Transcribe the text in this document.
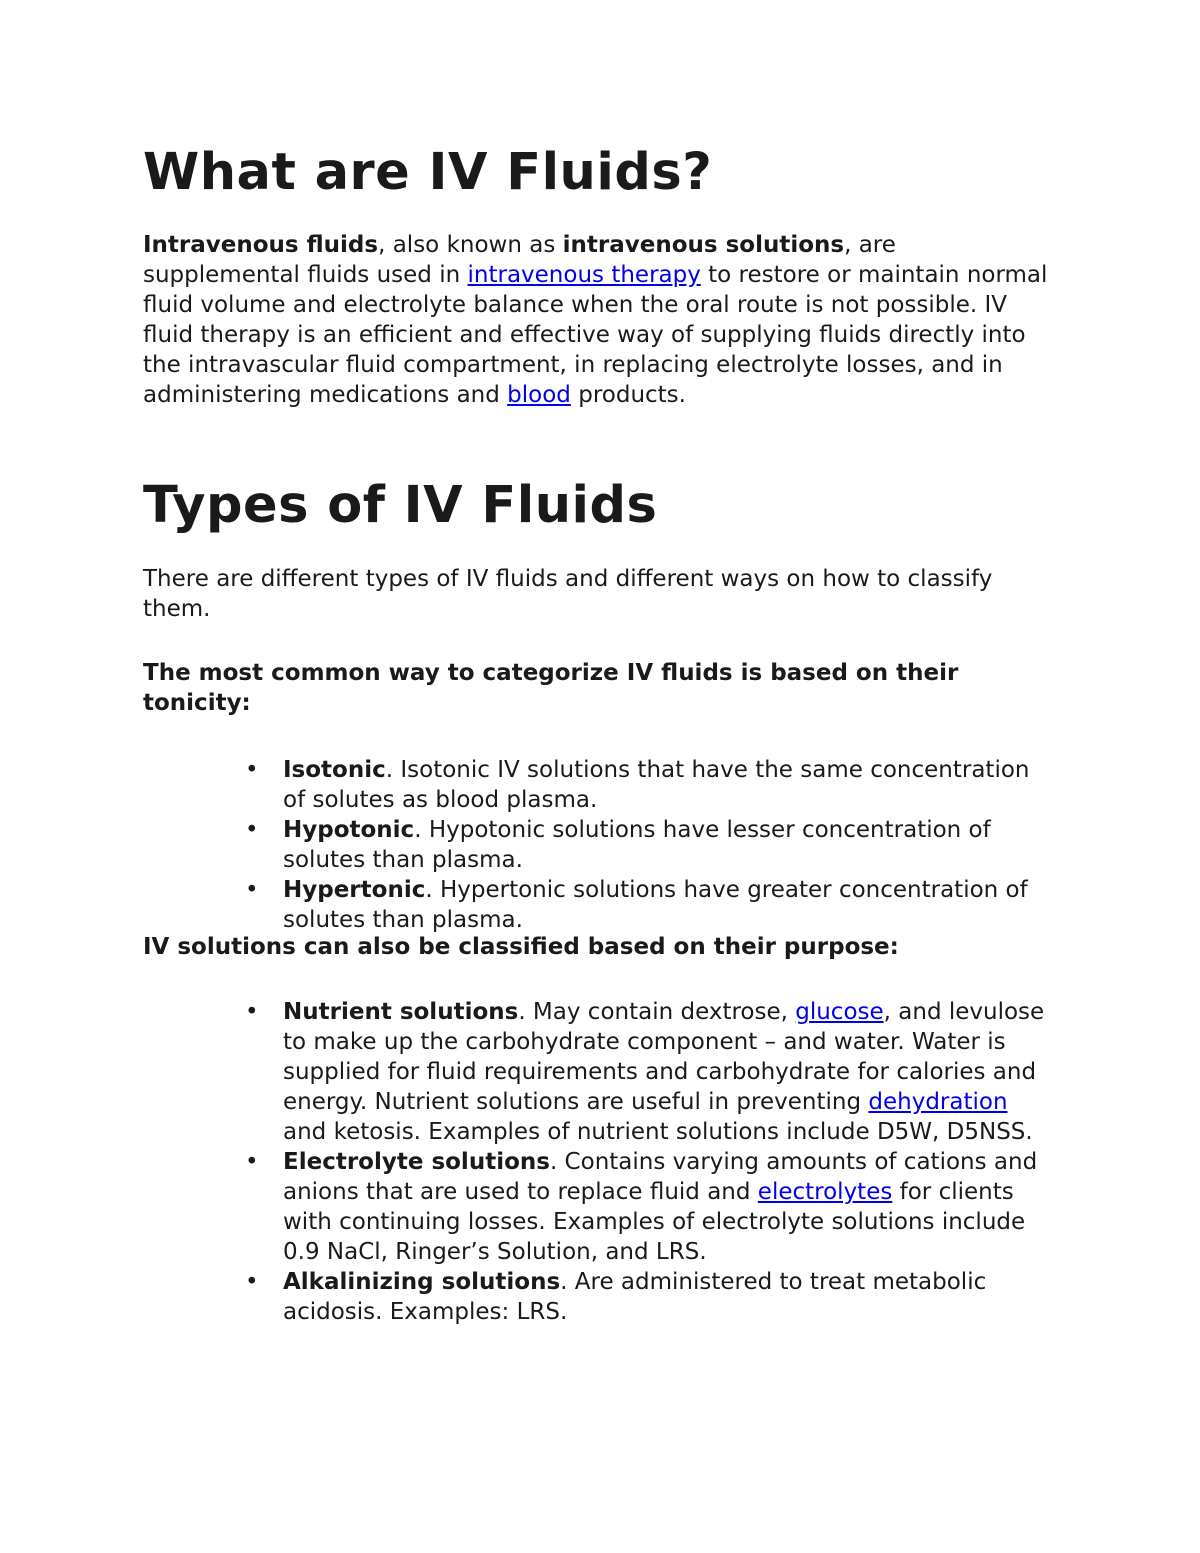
What are IV Fluids?

Intravenous fluids, also known as intravenous solutions, are supplemental fluids used in intravenous therapy to restore or maintain normal fluid volume and electrolyte balance when the oral route is not possible. IV fluid therapy is an efficient and effective way of supplying fluids directly into the intravascular fluid compartment, in replacing electrolyte losses, and in administering medications and blood products.

Types of IV Fluids

There are different types of IV fluids and different ways on how to classify them.

The most common way to categorize IV fluids is based on their tonicity:

• Isotonic. Isotonic IV solutions that have the same concentration of solutes as blood plasma.
• Hypotonic. Hypotonic solutions have lesser concentration of solutes than plasma.
• Hypertonic. Hypertonic solutions have greater concentration of solutes than plasma.

IV solutions can also be classified based on their purpose:

• Nutrient solutions. May contain dextrose, glucose, and levulose to make up the carbohydrate component – and water. Water is supplied for fluid requirements and carbohydrate for calories and energy. Nutrient solutions are useful in preventing dehydration and ketosis. Examples of nutrient solutions include D5W, D5NSS.
• Electrolyte solutions. Contains varying amounts of cations and anions that are used to replace fluid and electrolytes for clients with continuing losses. Examples of electrolyte solutions include 0.9 NaCl, Ringer’s Solution, and LRS.
• Alkalinizing solutions. Are administered to treat metabolic acidosis. Examples: LRS.
